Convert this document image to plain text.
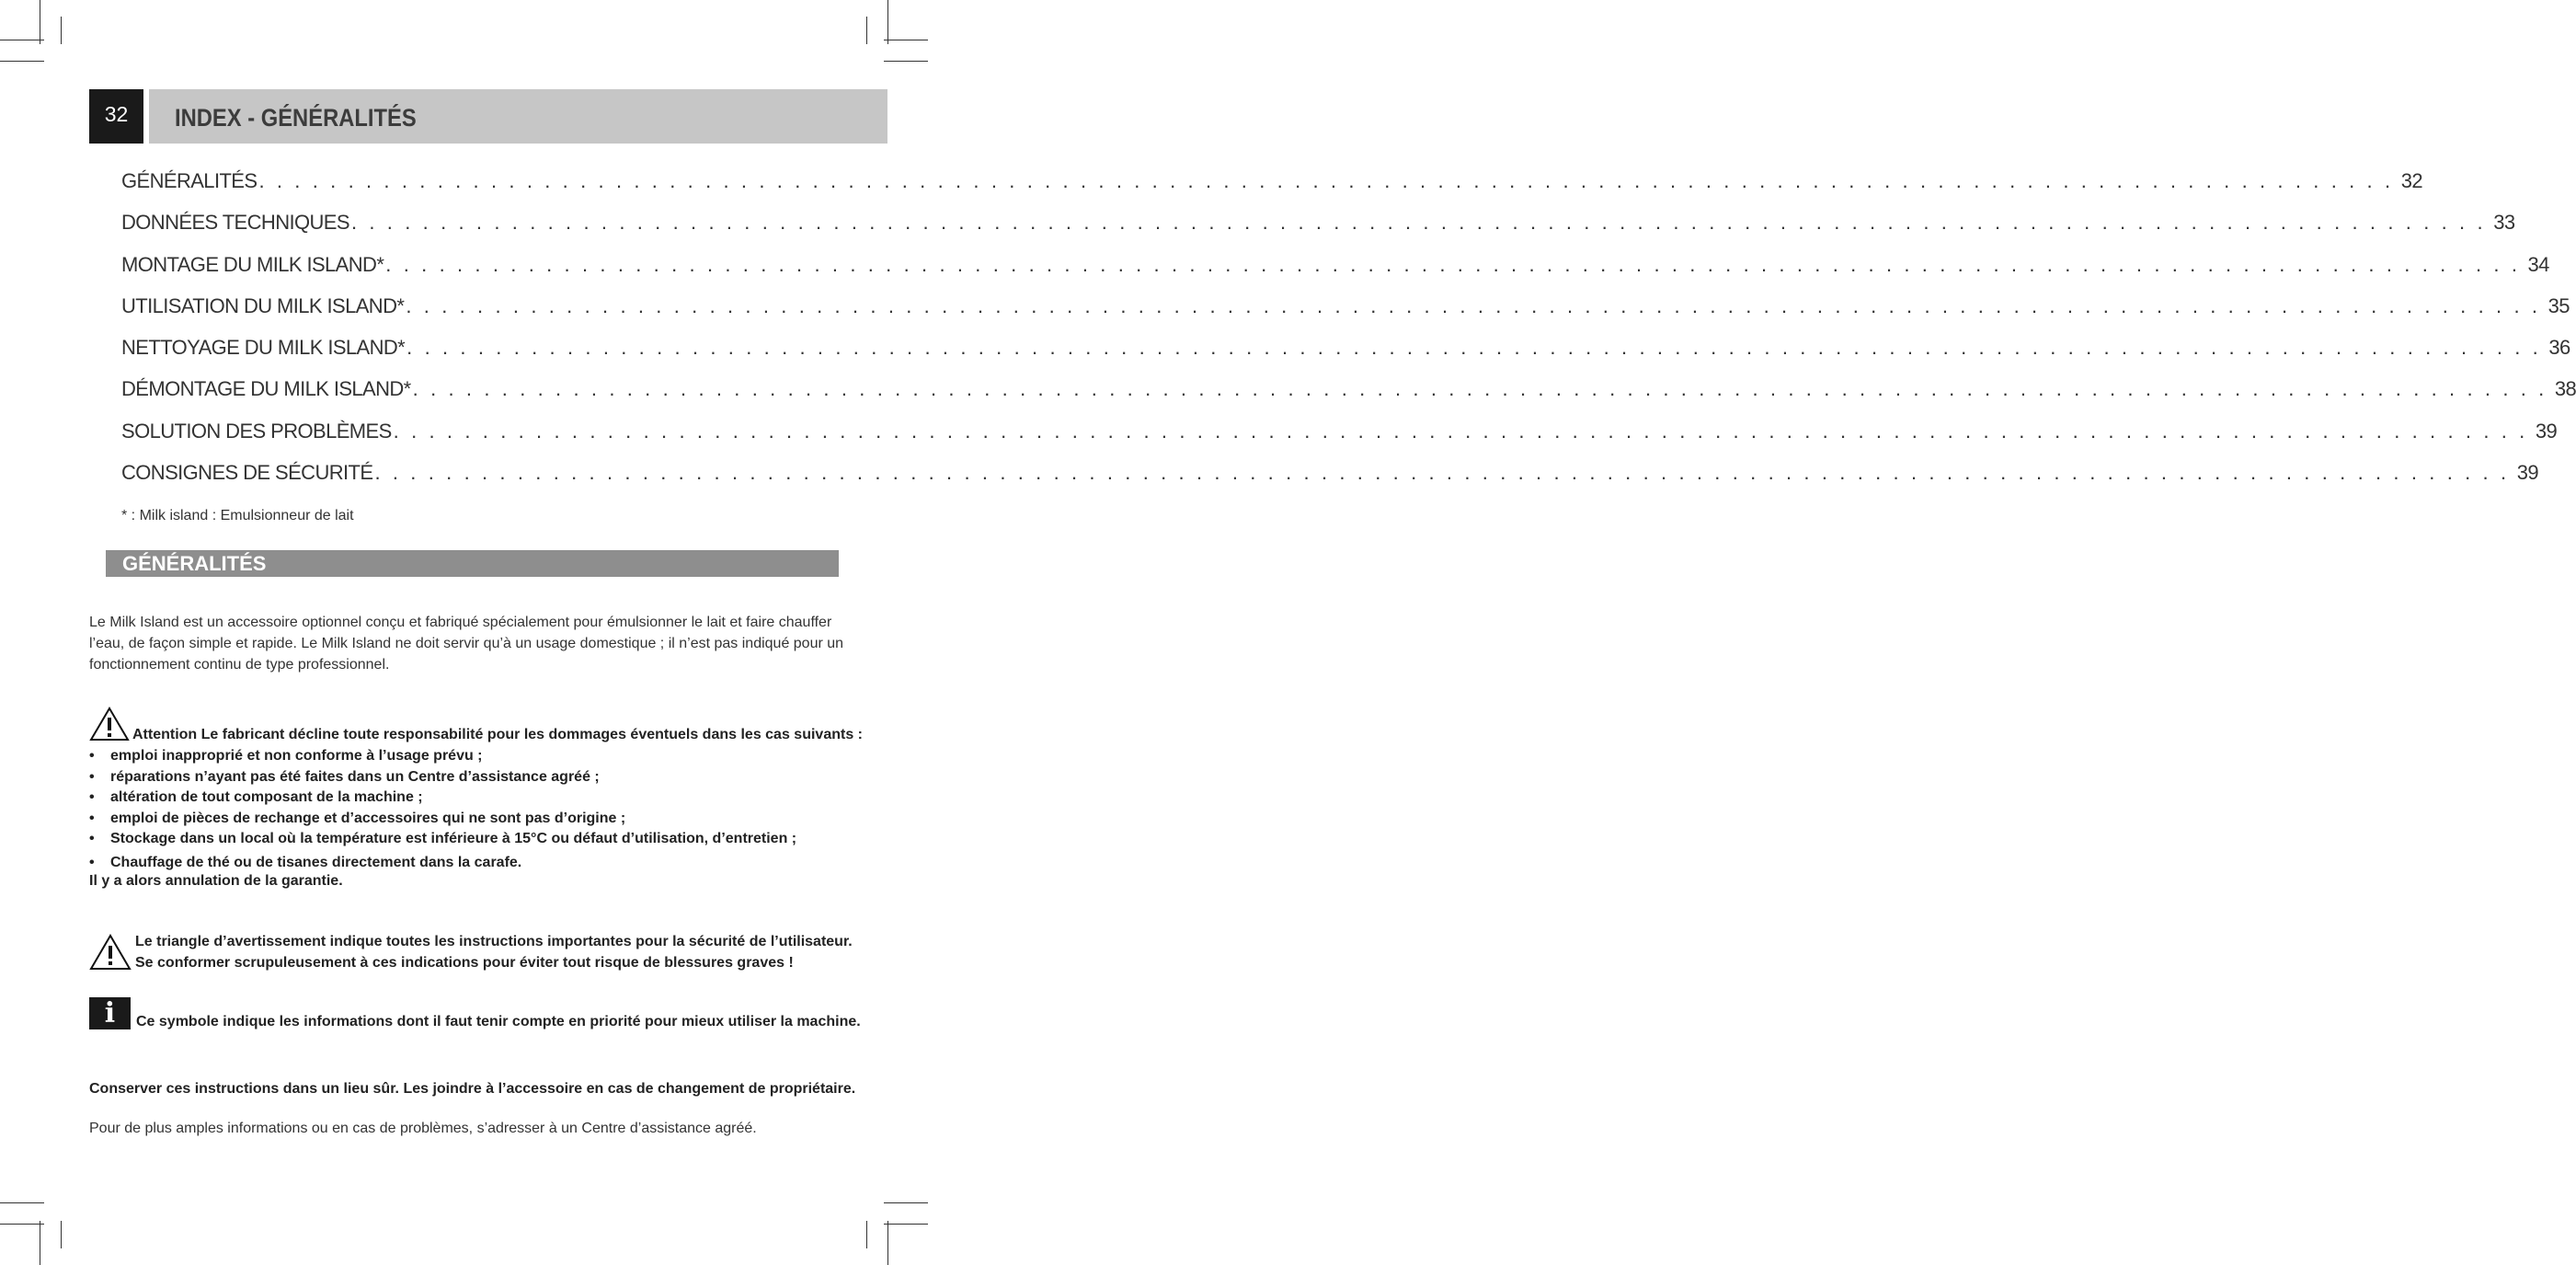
32	INDEX - GÉNÉRALITÉS
GÉNÉRALITÉS . . . . . . . . . . . . . . . . . . . . . . . . . . . . . . . . . . . . . . . . . . . . . . . . . . . . . . . . . . . . . . . . . . . . . . . . . . . . . . . . . . . . . . . . . . . . . . . . . . . . . . . . . . . . . . . . . . . . . . . . 32
DONNÉES TECHNIQUES . . . . . . . . . . . . . . . . . . . . . . . . . . . . . . . . . . . . . . . . . . . . . . . . . . . . . . . . . . . . . . . . . . . . . . . . . . . . . . . . . . . . . . . . . . . . . . . . . . . . . . . . . . . . . . . . . . . . . . . . 33
MONTAGE DU MILK ISLAND* . . . . . . . . . . . . . . . . . . . . . . . . . . . . . . . . . . . . . . . . . . . . . . . . . . . . . . . . . . . . . . . . . . . . . . . . . . . . . . . . . . . . . . . . . . . . . . . . . . . . . . . . . . . . . . . . . . . . . . . . 34
UTILISATION DU MILK ISLAND* . . . . . . . . . . . . . . . . . . . . . . . . . . . . . . . . . . . . . . . . . . . . . . . . . . . . . . . . . . . . . . . . . . . . . . . . . . . . . . . . . . . . . . . . . . . . . . . . . . . . . . . . . . . . . . . . . . . . . . . . 35
NETTOYAGE DU MILK ISLAND* . . . . . . . . . . . . . . . . . . . . . . . . . . . . . . . . . . . . . . . . . . . . . . . . . . . . . . . . . . . . . . . . . . . . . . . . . . . . . . . . . . . . . . . . . . . . . . . . . . . . . . . . . . . . . . . . . . . . . . . . 36
DÉMONTAGE DU MILK ISLAND* . . . . . . . . . . . . . . . . . . . . . . . . . . . . . . . . . . . . . . . . . . . . . . . . . . . . . . . . . . . . . . . . . . . . . . . . . . . . . . . . . . . . . . . . . . . . . . . . . . . . . . . . . . . . . . . . . . . . . . . . 38
SOLUTION DES PROBLÈMES . . . . . . . . . . . . . . . . . . . . . . . . . . . . . . . . . . . . . . . . . . . . . . . . . . . . . . . . . . . . . . . . . . . . . . . . . . . . . . . . . . . . . . . . . . . . . . . . . . . . . . . . . . . . . . . . . . . . . . . . 39
CONSIGNES DE SÉCURITÉ . . . . . . . . . . . . . . . . . . . . . . . . . . . . . . . . . . . . . . . . . . . . . . . . . . . . . . . . . . . . . . . . . . . . . . . . . . . . . . . . . . . . . . . . . . . . . . . . . . . . . . . . . . . . . . . . . . . . . . . . 39
* : Milk island : Emulsionneur de lait
GÉNÉRALITÉS
Le Milk Island est un accessoire optionnel conçu et fabriqué spécialement pour émulsionner le lait et faire chauffer l’eau, de façon simple et rapide. Le Milk Island ne doit servir qu’à un usage domestique ; il n’est pas indiqué pour un fonctionnement continu de type professionnel.
Attention Le fabricant décline toute responsabilité pour les dommages éventuels dans les cas suivants :
• emploi inapproprié et non conforme à l’usage prévu ;
• réparations n’ayant pas été faites dans un Centre d’assistance agréé ;
• altération de tout composant de la machine ;
• emploi de pièces de rechange et d’accessoires qui ne sont pas d’origine ;
• Stockage dans un local où la température est inférieure à 15°C ou défaut d’utilisation, d’entretien ;
• Chauffage de thé ou de tisanes directement dans la carafe.
Il y a alors annulation de la garantie.
Le triangle d’avertissement indique toutes les instructions importantes pour la sécurité de l’utilisateur.
Se conformer scrupuleusement à ces indications pour éviter tout risque de blessures graves !
i	Ce symbole indique les informations dont il faut tenir compte en priorité pour mieux utiliser la machine.
Conserver ces instructions dans un lieu sûr. Les joindre à l’accessoire en cas de changement de propriétaire.
Pour de plus amples informations ou en cas de problèmes, s’adresser à un Centre d’assistance agréé.
